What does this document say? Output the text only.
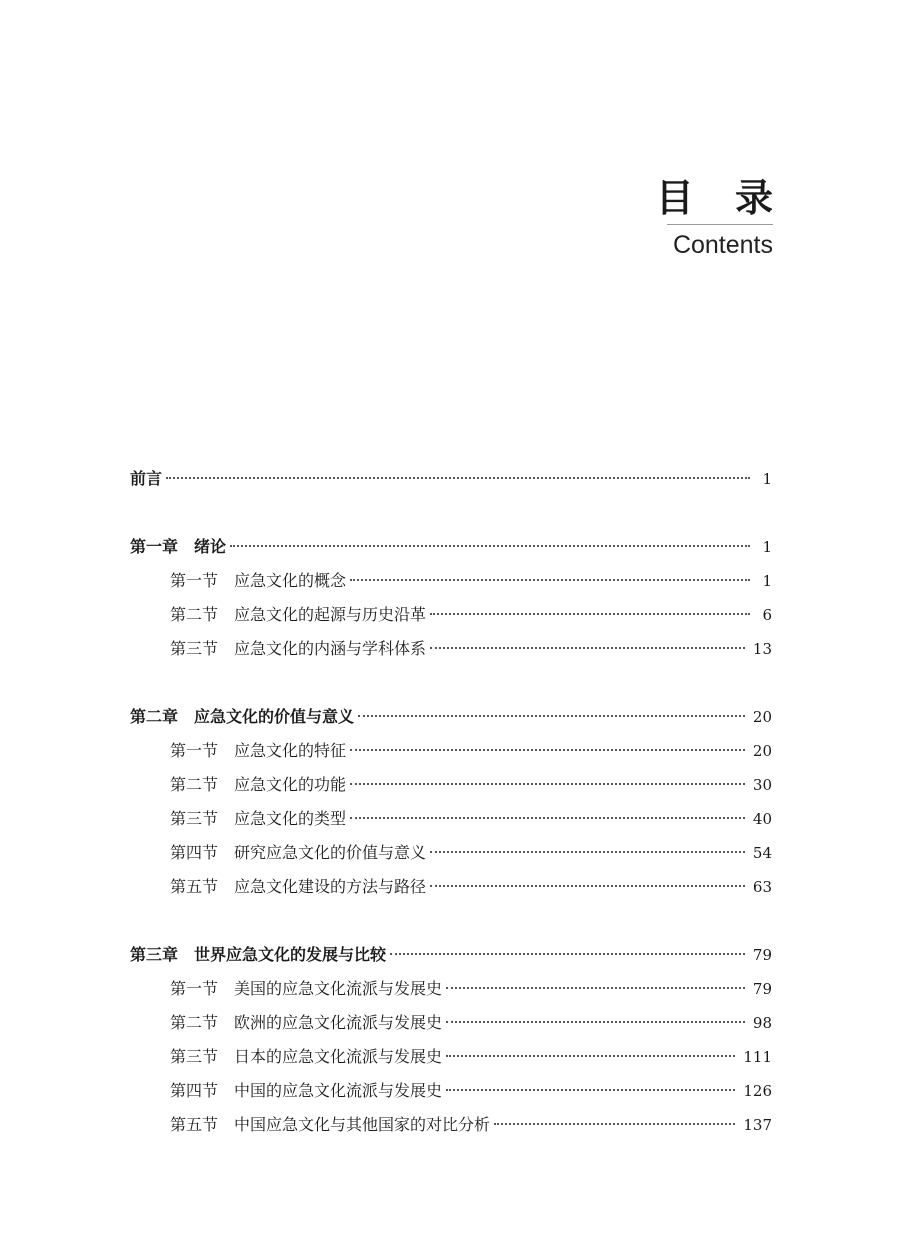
目 录
Contents
前言	1
第一章　绪论	1
第一节　应急文化的概念	1
第二节　应急文化的起源与历史沿革	6
第三节　应急文化的内涵与学科体系	13
第二章　应急文化的价值与意义	20
第一节　应急文化的特征	20
第二节　应急文化的功能	30
第三节　应急文化的类型	40
第四节　研究应急文化的价值与意义	54
第五节　应急文化建设的方法与路径	63
第三章　世界应急文化的发展与比较	79
第一节　美国的应急文化流派与发展史	79
第二节　欧洲的应急文化流派与发展史	98
第三节　日本的应急文化流派与发展史	111
第四节　中国的应急文化流派与发展史	126
第五节　中国应急文化与其他国家的对比分析	137
